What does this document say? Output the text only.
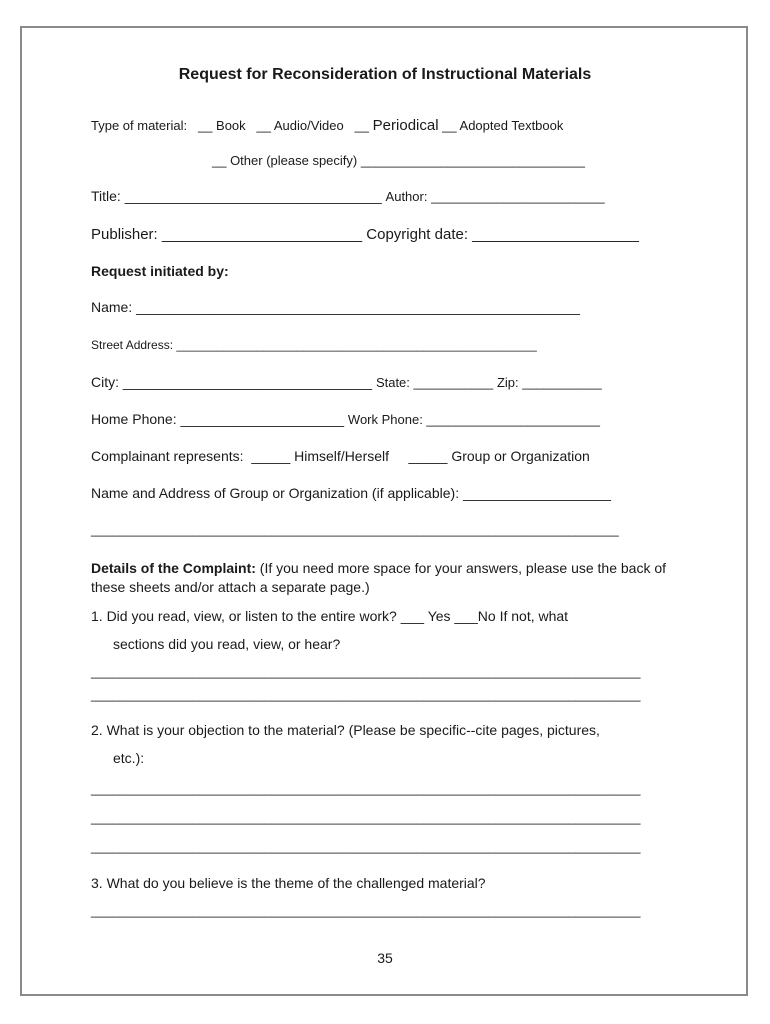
Request for Reconsideration of Instructional Materials
Type of material: __ Book __ Audio/Video __ Periodical __ Adopted Textbook
__ Other (please specify) _______________________________
Title: _________________________________ Author: ________________________
Publisher: ________________________ Copyright date: ____________________
Request initiated by:
Name: _________________________________________________________
Street Address: ______________________________________________________
City: ________________________________ State: ___________ Zip: ___________
Home Phone: _____________________ Work Phone: ________________________
Complainant represents: _____ Himself/Herself _____ Group or Organization
Name and Address of Group or Organization (if applicable): ___________________
_________________________________________________________________________
Details of the Complaint: (If you need more space for your answers, please use the back of these sheets and/or attach a separate page.)
1. Did you read, view, or listen to the entire work? ___ Yes ___No If not, what
sections did you read, view, or hear?
____________________________________________________________________________
____________________________________________________________________________
2. What is your objection to the material? (Please be specific--cite pages, pictures,
etc.):
____________________________________________________________________________
____________________________________________________________________________
____________________________________________________________________________
3. What do you believe is the theme of the challenged material?
____________________________________________________________________________
35
